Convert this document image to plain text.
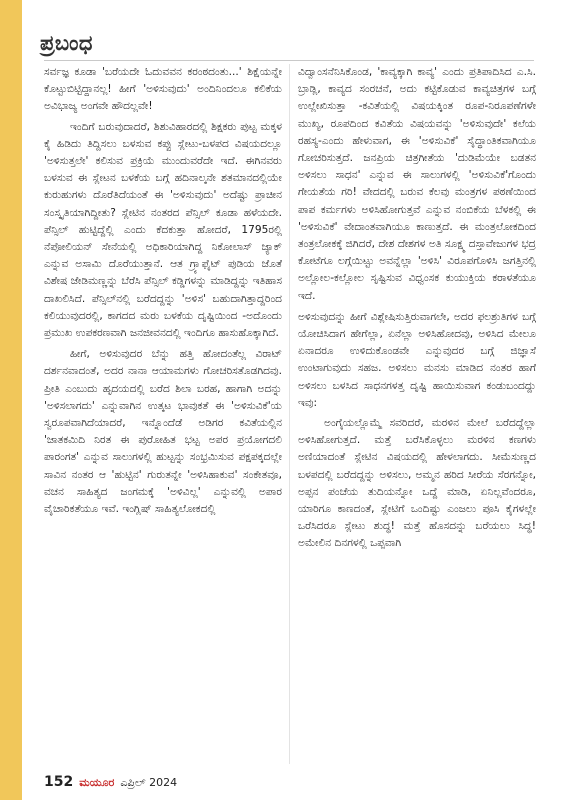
ಪ್ರಬಂಧ

ಸರ್ವಜ್ಞ ಕೂಡಾ 'ಬರೆಯದೇ ಓದುವವನ ಕರಂಠದಂತು...' ಶಿಕ್ಷೆಯನ್ನೇ ಕೊಟ್ಟುಬಿಟ್ಟಿದ್ದಾನಲ್ಲ! ಹೀಗೆ 'ಅಳಿಸುವುದು' ಅಂದಿನಿಂದಲೂ ಕಲಿಕೆಯ ಅವಿಭಾಜ್ಯ ಅಂಗವೇ ಹೌದಲ್ಲವೇ!

ಇಂದಿಗೆ ಬರುವುದಾದರೆ, ಶಿಶುವಿಹಾರದಲ್ಲಿ ಶಿಕ್ಷಕರು ಪುಟ್ಟ ಮಕ್ಕಳ ಕೈ ಹಿಡಿದು ತಿದ್ದಿಸಲು ಬಳಸುವ ಕಪ್ಪು ಸ್ಲೇಟು-ಬಳಪದ ವಿಷಯದಲ್ಲೂ 'ಅಳಿಸುತ್ತಲೇ' ಕಲಿಸುವ ಪ್ರಕ್ರಿಯೆ ಮುಂದುವರೆದೇ ಇದೆ. ಈಗಿನವರು ಬಳಸುವ ಈ ಸ್ಲೇಟನ ಬಳಕೆಯ ಬಗ್ಗೆ ಹದಿನಾಲ್ಕನೇ ಶತಮಾನದಲ್ಲಿಯೇ ಕುರುಹುಗಳು ದೊರೆತಿದೆಯಂತೆ ಈ 'ಅಳಿಸುವುದು' ಅದೆಷ್ಟು ಪ್ರಾಚೀನ ಸಂಸ್ಕೃತಿಯಾಗಿದ್ದೀತು? ಸ್ಲೇಟಿನ ನಂತರದ ಪೆನ್ಸಿಲ್ ಕೂಡಾ ಹಳೆಯದೇ. ಪೆನ್ಸಿಲ್ ಹುಟ್ಟಿದ್ದೆಲ್ಲಿ ಎಂದು ಕೆದಕುತ್ತಾ ಹೋದರೆ, 1795ರಲ್ಲಿ ನೆಪೋಲಿಯನ್ ಸೇನೆಯಲ್ಲಿ ಅಧಿಕಾರಿಯಾಗಿದ್ದ ನಿಕೋಲಾಸ್ ಜ್ಯಾಕ್ ಎನ್ನುವ ಅಸಾಮಿ ದೊರೆಯುತ್ತಾನೆ. ಆತ ಗ್ರ್ಯಾಫೈಟ್ ಪುಡಿಯ ಜೊತೆ ವಿಶೇಷ ಜೇಡಿಮಣ್ಣನ್ನು ಬೆರೆಸಿ ಪೆನ್ಸಿಲ್ ಕಡ್ಡಿಗಳನ್ನು ಮಾಡಿದ್ದನ್ನು ಇತಿಹಾಸ ದಾಖಲಿಸಿದೆ. ಪೆನ್ಸಿಲ್‌ನಲ್ಲಿ ಬರೆದದ್ದನ್ನು 'ಅಳಿಸ' ಬಹುದಾಗಿತ್ತಾದ್ದರಿಂದ ಕಲಿಯುವುದರಲ್ಲಿ, ಕಾಗದದ ಮರು ಬಳಕೆಯ ದೃಷ್ಟಿಯಿಂದ -ಅದೊಂದು ಪ್ರಮುಖ ಉಪಕರಣವಾಗಿ ಜನಜೀವನದಲ್ಲಿ ಇಂದಿಗೂ ಹಾಸುಹೊಕ್ಕಾಗಿದೆ.

ಹೀಗೆ, ಅಳಿಸುವುದರ ಬೆನ್ನು ಹತ್ತಿ ಹೋದಂತೆಲ್ಲ ವಿರಾಟ್ ದರ್ಶನವಾದಂತೆ, ಅದರ ನಾನಾ ಆಯಾಮಗಳು ಗೋಚರಿಸತೊಡಗಿದವು. ಪ್ರೀತಿ ಎಂಬುದು ಹೃದಯದಲ್ಲಿ ಬರೆದ ಶಿಲಾ ಬರಹ, ಹಾಗಾಗಿ ಅದನ್ನು 'ಅಳಿಸಲಾಗದು' ಎನ್ನುವಾಗಿನ ಉತ್ಕಟ ಭಾವುಕತೆ ಈ 'ಅಳಿಸುವಿಕೆ'ಯ ಸ್ವರೂಪವಾಗಿದೆಯಾದರೆ, ಇನ್ನೊಂದೆಡೆ ಅಡಿಗರ ಕವಿತೆಯಲ್ಲಿನ 'ಜಾತಕಮಿದಿ ನಿರತ ಈ ಪುರೋಹಿತ ಭಟ್ಟ ಅಪರ ಪ್ರಯೋಗದಲಿ ಪಾರಂಗತ' ಎನ್ನುವ ಸಾಲುಗಳಲ್ಲಿ ಹುಟ್ಟನ್ನು ಸಂಭ್ರಮಿಸುವ ಪಕ್ಷಪಕ್ಕದಲ್ಲೇ ಸಾವಿನ ನಂತರ ಆ 'ಹುಟ್ಟಿನ' ಗುರುತನ್ನೇ 'ಅಳಿಸಿಹಾಕುವ' ಸಂಕೇತವೂ, ವಚನ ಸಾಹಿತ್ಯದ ಜಂಗಮಕ್ಕೆ 'ಅಳಿವಿಲ್ಲ' ಎನ್ನುವಲ್ಲಿ ಅಪಾರ ವೈಚಾರಿಕತೆಯೂ ಇವೆ. ಇಂಗ್ಲಿಷ್ ಸಾಹಿತ್ಯಲೋಕದಲ್ಲಿ

ವಿದ್ವಾಂಸನೆನಿಸಿಕೊಂಡ, 'ಕಾವ್ಯಕ್ಕಾಗಿ ಕಾವ್ಯ' ಎಂದು ಪ್ರತಿಪಾದಿಸಿದ ಎ.ಸಿ. ಬ್ರಾಡ್ಲಿ, ಕಾವ್ಯದ ಸಂರಚನೆ, ಅದು ಕಟ್ಟಿಕೊಡುವ ಕಾವ್ಯಚಿತ್ರಗಳ ಬಗ್ಗೆ ಉಲ್ಲೇಖಿಸುತ್ತಾ -ಕವಿತೆಯಲ್ಲಿ ವಿಷಯಕ್ಕಿಂತ ರೂಪ-ನಿರೂಪಣೆಗಳೇ ಮುಖ್ಯ, ರೂಪದಿಂದ ಕವಿತೆಯ ವಿಷಯವನ್ನು 'ಅಳಿಸುವುದೇ' ಕಲೆಯ ರಹಸ್ಯ-ಎಂದು ಹೇಳುವಾಗ, ಈ 'ಅಳಿಸುವಿಕೆ' ಸೈದ್ಧಾಂತಿಕವಾಗಿಯೂ ಗೋಚರಿಸುತ್ತದೆ. ಜನಪ್ರಿಯ ಚಿತ್ರಗೀತೆಯ 'ದುಡಿಮೆಯೇ ಬಡತನ ಅಳಿಸಲು ಸಾಧನ' ಎನ್ನುವ ಈ ಸಾಲುಗಳಲ್ಲಿ 'ಅಳಿಸುವಿಕೆ'ಗೊಂದು ಗೇಯತೆಯ ಗರಿ! ವೇದದಲ್ಲಿ ಬರುವ ಕೆಲವು ಮಂತ್ರಗಳ ಪಠಣೆಯಿಂದ ಪಾಪ ಕರ್ಮಗಳು ಅಳಿಸಿಹೋಗುತ್ತವೆ ಎನ್ನುವ ನಂಬಿಕೆಯ ಬೆಳಕಲ್ಲಿ ಈ 'ಅಳಿಸುವಿಕೆ' ವೇದಾಂತವಾಗಿಯೂ ಕಾಣುತ್ತದೆ. ಈ ಮಂತ್ರಲೋಕದಿಂದ ತಂತ್ರಲೋಕಕ್ಕೆ ಜಿಗಿದರೆ, ದೇಶ ದೇಶಗಳ ಅತಿ ಸೂಕ್ಷ್ಮ ದಸ್ತಾವೇಜುಗಳ ಭದ್ರ ಕೋಟೆಗೂ ಲಗ್ಗೆಯಿಟ್ಟು ಅವನ್ನೆಲ್ಲಾ 'ಅಳಿಸಿ' ವಿರೂಪಗೊಳಿಸಿ ಜಗತ್ತಿನಲ್ಲಿ ಅಲ್ಲೋಲ-ಕಲ್ಲೋಲ ಸೃಷ್ಟಿಸುವ ವಿಧ್ವಂಸಕ ಕುಯುಕ್ತಿಯ ಕರಾಳತೆಯೂ ಇದೆ.

ಅಳಿಸುವುದನ್ನು ಹೀಗೆ ವಿಶ್ಲೇಷಿಸುತ್ತಿರುವಾಗಲೇ, ಅದರ ಫಲಶ್ರುತಿಗಳ ಬಗ್ಗೆ ಯೋಚಿಸಿದಾಗ ಹೇಗೆಲ್ಲಾ, ಏನೆಲ್ಲಾ ಅಳಿಸಿಹೋದವು, ಅಳಿಸಿದ ಮೇಲೂ ಏನಾದರೂ ಉಳಿದುಕೊಂಡವೇ ಎನ್ನುವುದರ ಬಗ್ಗೆ ಜಿಜ್ಞಾಸೆ ಉಂಟಾಗುವುದು ಸಹಜ. ಅಳಿಸಲು ಮನಸು ಮಾಡಿದ ನಂತರ ಹಾಗೆ ಅಳಿಸಲು ಬಳಸಿದ ಸಾಧನಗಳತ್ತ ದೃಷ್ಟಿ ಹಾಯಿಸುವಾಗ ಕಂಡುಬಂದದ್ದು ಇವು:

ಅಂಗೈಯಲ್ಲೊಮ್ಮೆ ಸವರಿದರೆ, ಮರಳಿನ ಮೇಲೆ ಬರೆದದ್ದೆಲ್ಲಾ ಅಳಿಸಿಹೋಗುತ್ತದೆ. ಮತ್ತೆ ಬರೆಸಿಕೊಳ್ಳಲು ಮರಳಿನ ಕಣಗಳು ಅಣಿಯಾದಂತೆ ಸ್ಲೇಟಿನ ವಿಷಯದಲ್ಲಿ ಹೇಳಲಾಗದು. ಸೀಮೆಸುಣ್ಣದ ಬಳಪದಲ್ಲಿ ಬರೆದದ್ದನ್ನು ಅಳಿಸಲು, ಅಮ್ಮನ ಹರಿದ ಸೀರೆಯ ಸೆರಗನ್ನೋ, ಅಪ್ಪನ ಪಂಚೆಯ ತುದಿಯನ್ನೋ ಒದ್ದೆ ಮಾಡಿ, ಏನಿಲ್ಲವೆಂದರೂ, ಯಾರಿಗೂ ಕಾಣದಂತೆ, ಸ್ಲೇಟಿಗೆ ಒಂದಿಷ್ಟು ಎಂಜಲು ಪೂಸಿ ಕೈಗಳಲ್ಲೇ ಒರೆಸಿದರೂ ಸ್ಲೇಟು ಶುದ್ಧ! ಮತ್ತೆ ಹೊಸದನ್ನು ಬರೆಯಲು ಸಿದ್ಧ! ಅಮೇಲಿನ ದಿನಗಳಲ್ಲಿ ಒಪ್ಪವಾಗಿ

152 ಮಯೂರ ಎಪ್ರಿಲ್ 2024
